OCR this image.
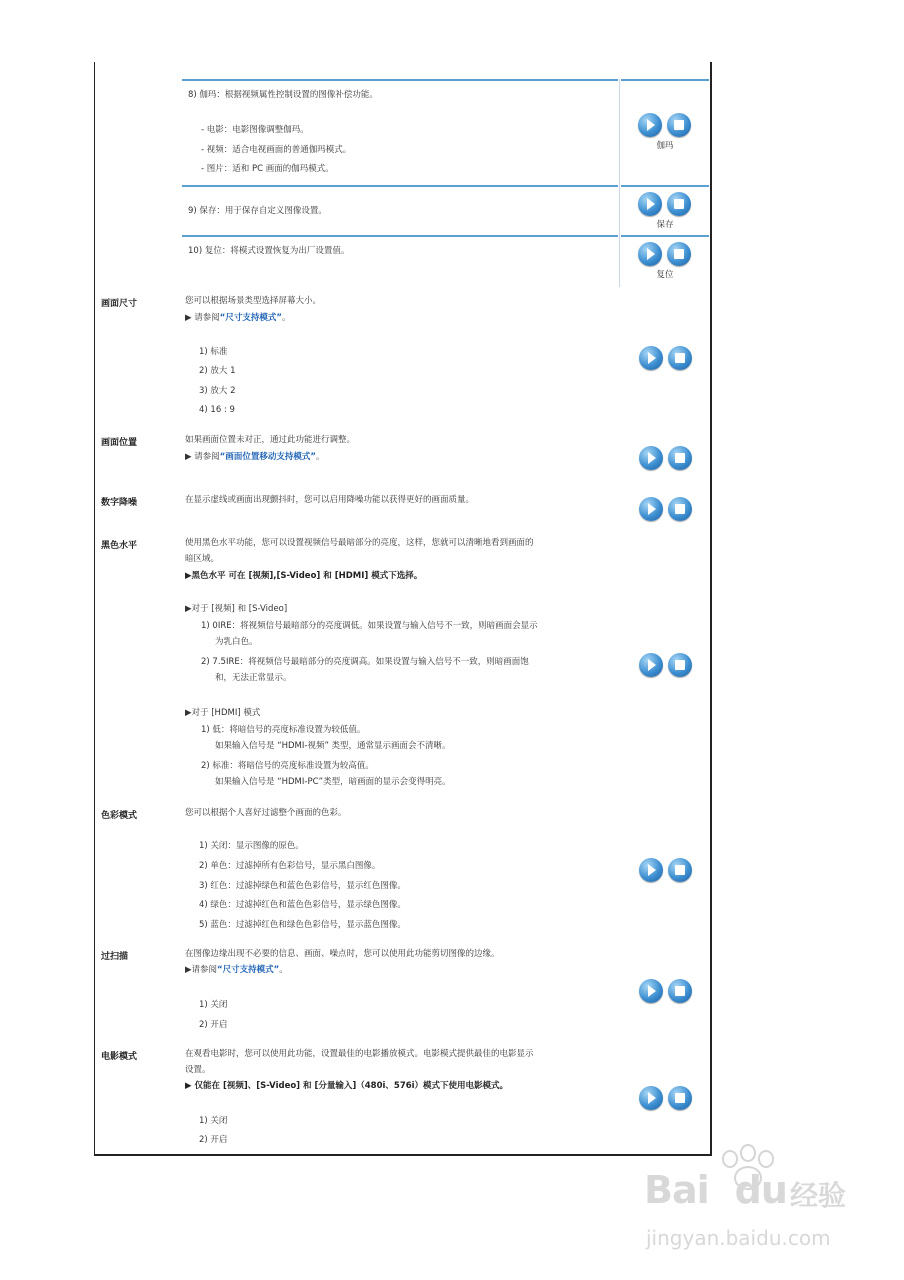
8) 伽玛：根据视频属性控制设置的图像补偿功能。
- 电影：电影图像调整伽玛。
- 视频：适合电视画面的普通伽玛模式。
- 图片：适和 PC 画面的伽玛模式。
伽玛
9) 保存：用于保存自定义图像设置。
保存
10) 复位：将模式设置恢复为出厂设置值。
复位
画面尺寸	您可以根据场景类型选择屏幕大小。
▶ 请参阅“尺寸支持模式”。
1) 标准
2) 放大 1
3) 放大 2
4) 16 : 9
画面位置	如果画面位置未对正，通过此功能进行调整。
▶ 请参阅“画面位置移动支持模式”。
数字降噪	在显示虚线或画面出现颤抖时，您可以启用降噪功能以获得更好的画面质量。
黑色水平	使用黑色水平功能，您可以设置视频信号最暗部分的亮度，这样，您就可以清晰地看到画面的
暗区域。
▶黑色水平 可在 [视频],[S-Video] 和 [HDMI] 模式下选择。
▶对于 [视频] 和 [S-Video]
1) 0IRE：将视频信号最暗部分的亮度调低。如果设置与输入信号不一致，则暗画面会显示
为乳白色。
2) 7.5IRE：将视频信号最暗部分的亮度调高。如果设置与输入信号不一致，则暗画面饱
和，无法正常显示。
▶对于 [HDMI] 模式
1) 低：将暗信号的亮度标准设置为较低值。
如果输入信号是 “HDMI-视频” 类型，通常显示画面会不清晰。
2) 标准：将暗信号的亮度标准设置为较高值。
如果输入信号是 “HDMI-PC”类型，暗画面的显示会变得明亮。
色彩模式	您可以根据个人喜好过滤整个画面的色彩。
1) 关闭：显示图像的原色。
2) 单色：过滤掉所有色彩信号，显示黑白图像。
3) 红色：过滤掉绿色和蓝色色彩信号，显示红色图像。
4) 绿色：过滤掉红色和蓝色色彩信号，显示绿色图像。
5) 蓝色：过滤掉红色和绿色色彩信号，显示蓝色图像。
过扫描	在图像边缘出现不必要的信息、画面、噪点时，您可以使用此功能剪切图像的边缘。
▶请参阅“尺寸支持模式”。
1) 关闭
2) 开启
电影模式	在观看电影时，您可以使用此功能，设置最佳的电影播放模式。电影模式提供最佳的电影显示
设置。
▶ 仅能在 [视频]、[S-Video] 和 [分量输入]（480i、576i）模式下使用电影模式。
1) 关闭
2) 开启
Bai du 经验
jingyan.baidu.com
